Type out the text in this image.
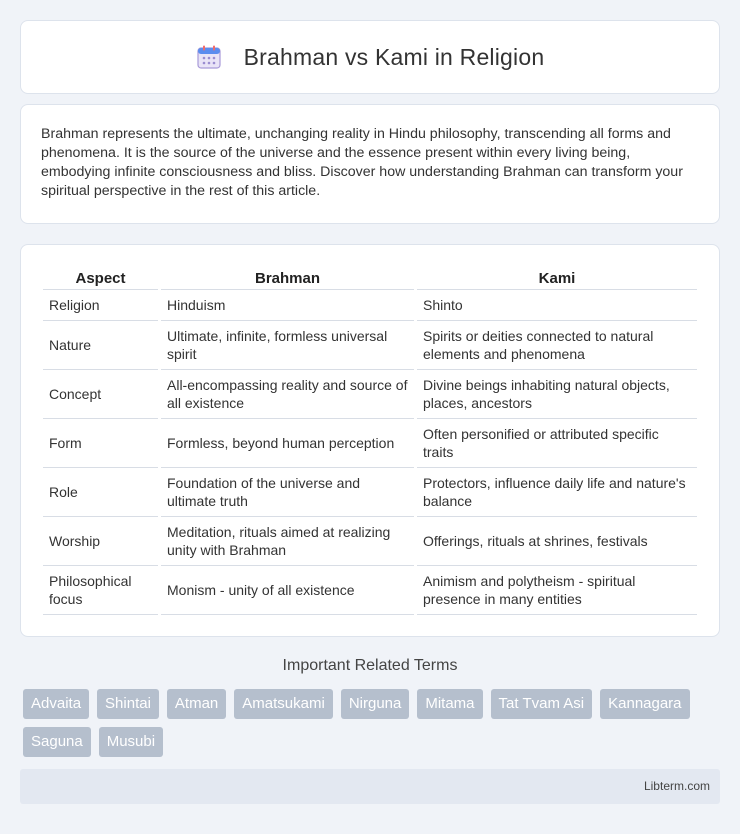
Brahman vs Kami in Religion

Brahman represents the ultimate, unchanging reality in Hindu philosophy, transcending all forms and phenomena. It is the source of the universe and the essence present within every living being, embodying infinite consciousness and bliss. Discover how understanding Brahman can transform your spiritual perspective in the rest of this article.

Aspect	Brahman	Kami
Religion	Hinduism	Shinto
Nature	Ultimate, infinite, formless universal spirit	Spirits or deities connected to natural elements and phenomena
Concept	All-encompassing reality and source of all existence	Divine beings inhabiting natural objects, places, ancestors
Form	Formless, beyond human perception	Often personified or attributed specific traits
Role	Foundation of the universe and ultimate truth	Protectors, influence daily life and nature's balance
Worship	Meditation, rituals aimed at realizing unity with Brahman	Offerings, rituals at shrines, festivals
Philosophical focus	Monism - unity of all existence	Animism and polytheism - spiritual presence in many entities
Important Related Terms
Advaita	Shintai	Atman	Amatsukami	Nirguna	Mitama	Tat Tvam Asi	Kannagara
Saguna	Musubi
Libterm.com
